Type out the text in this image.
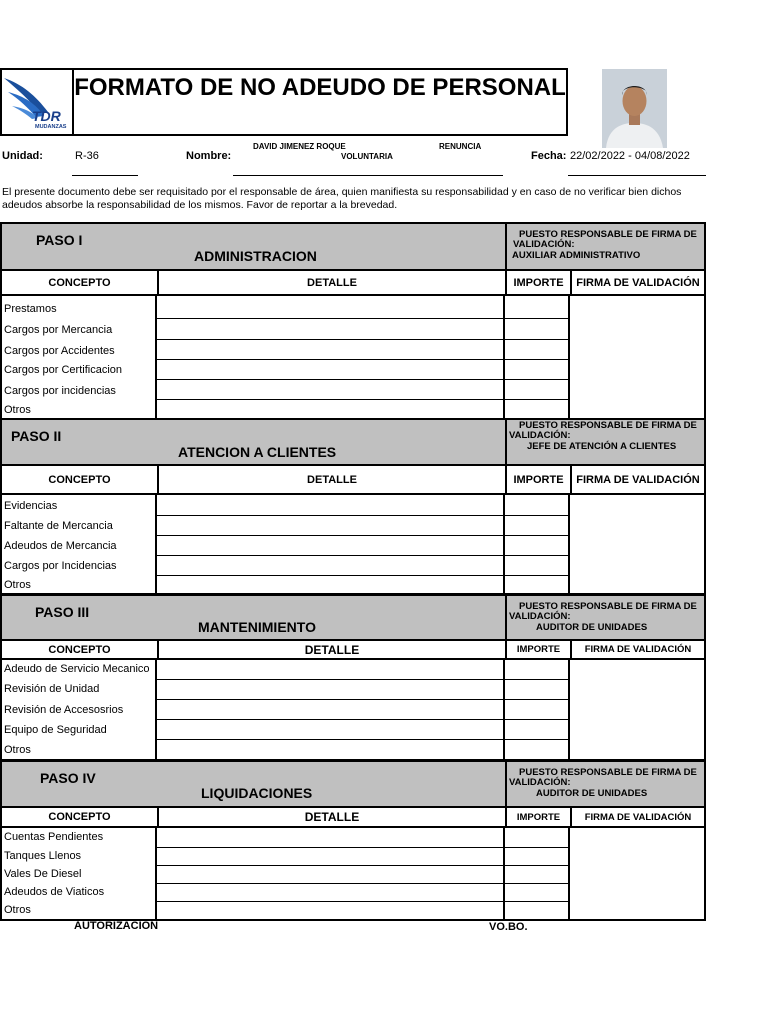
TDR
MUDANZAS
FORMATO DE NO ADEUDO DE PERSONAL
Unidad:	R-36	Nombre:
DAVID JIMENEZ ROQUE	RENUNCIA
VOLUNTARIA	Fecha: 22/02/2022 - 04/08/2022
El presente documento debe ser requisitado por el responsable de área, quien manifiesta su responsabilidad y en caso de no verificar bien dichos adeudos absorbe la responsabilidad de los mismos. Favor de reportar a la brevedad.
PASO I
ADMINISTRACION
PUESTO RESPONSABLE DE FIRMA DE
VALIDACIÓN:
AUXILIAR ADMINISTRATIVO
CONCEPTO	DETALLE	IMPORTE	FIRMA DE VALIDACIÓN
Prestamos
Cargos por Mercancia
Cargos por Accidentes
Cargos por Certificacion
Cargos por incidencias
Otros
PASO II
ATENCION A CLIENTES
PUESTO RESPONSABLE DE FIRMA DE
VALIDACIÓN:
JEFE DE ATENCIÓN A CLIENTES
CONCEPTO	DETALLE	IMPORTE	FIRMA DE VALIDACIÓN
Evidencias
Faltante de Mercancia
Adeudos de Mercancia
Cargos por Incidencias
Otros
PASO III
MANTENIMIENTO
PUESTO RESPONSABLE DE FIRMA DE
VALIDACIÓN:
AUDITOR DE UNIDADES
CONCEPTO	DETALLE	IMPORTE	FIRMA DE VALIDACIÓN
Adeudo de Servicio Mecanico
Revisión de Unidad
Revisión de Accesosrios
Equipo de Seguridad
Otros
PASO IV
LIQUIDACIONES
PUESTO RESPONSABLE DE FIRMA DE
VALIDACIÓN:
AUDITOR DE UNIDADES
CONCEPTO	DETALLE	IMPORTE	FIRMA DE VALIDACIÓN
Cuentas Pendientes
Tanques Llenos
Vales De Diesel
Adeudos de Viaticos
Otros
AUTORIZACION	VO.BO.
